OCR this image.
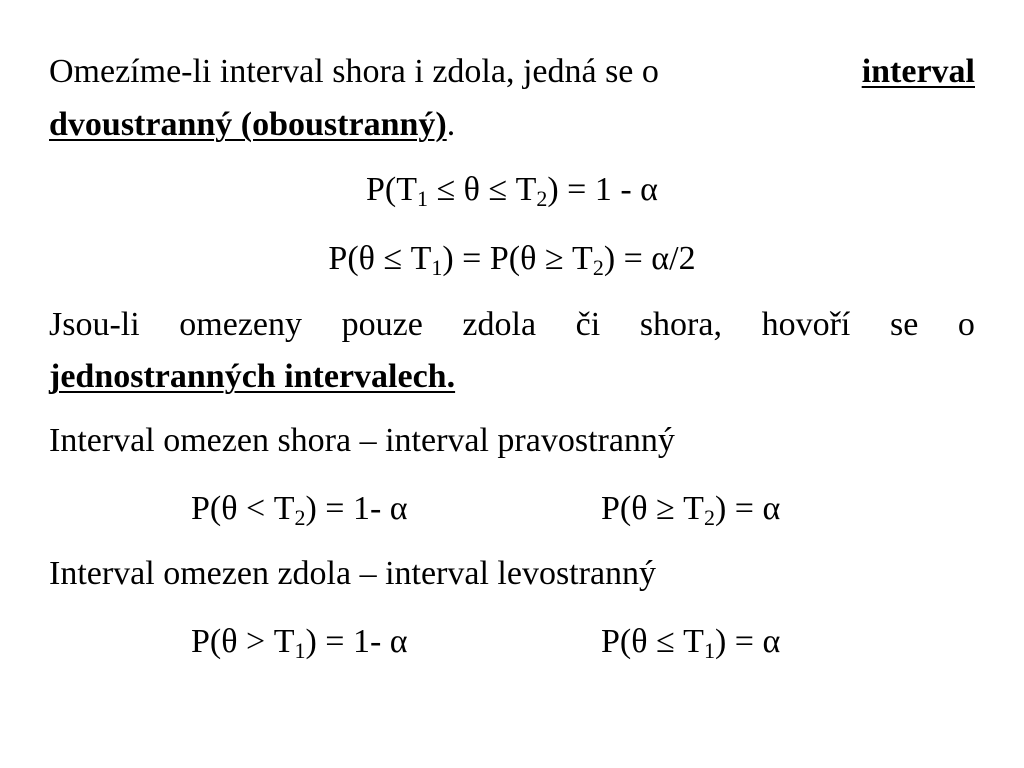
Omezíme-li interval shora i zdola, jedná se o	interval
dvoustranný (oboustranný).
$P(T_1 \le \theta \le T_2) = 1 - \alpha$
$P(\theta \le T_1) = P(\theta \ge T_2) = \alpha/2$
Jsou-li omezeny pouze zdola či shora, hovoří se o
jednostranných intervalech.
Interval omezen shora – interval pravostranný
$P(\theta < T_2) = 1-$ α	$P(\theta \ge T_2) = \alpha$
Interval omezen zdola – interval levostranný
$P(\theta > T_1) = 1-$ α	$P(\theta \le T_1) = \alpha$
